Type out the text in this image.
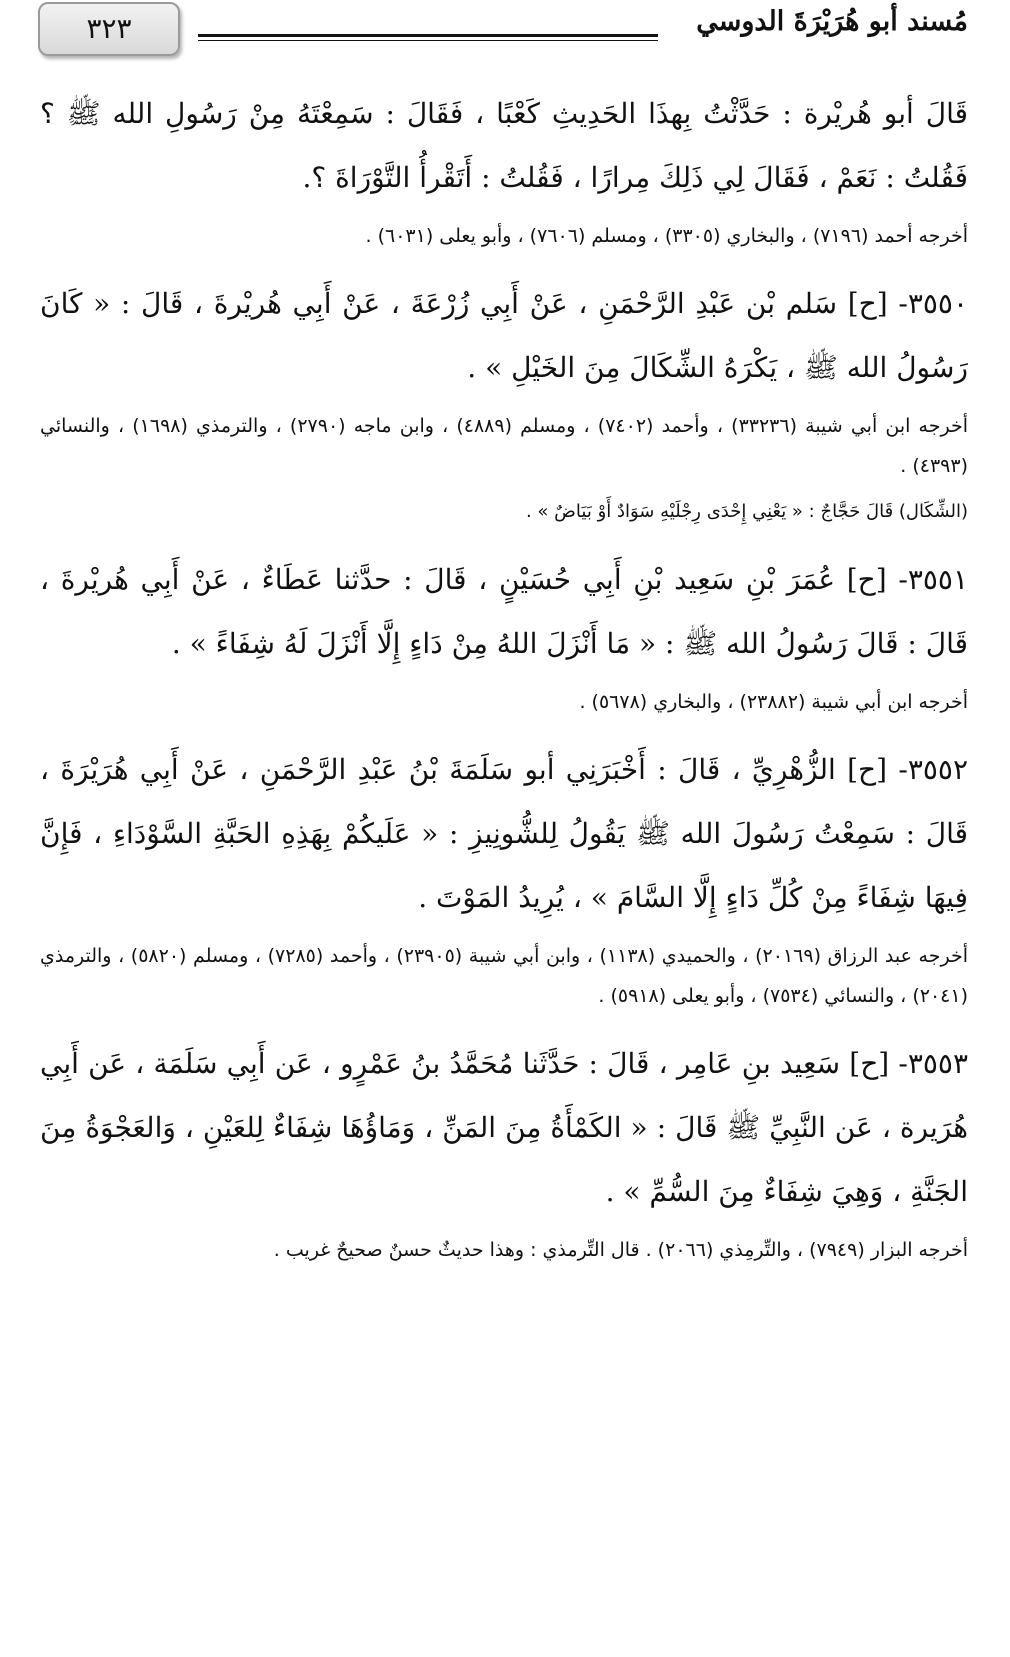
٣٢٣	مُسند أبو هُرَيْرَةَ الدوسي

قَالَ أبو هُريْرة : حَدَّثْتُ بِهذَا الحَدِيثِ كَعْبًا ، فَقَالَ : سَمِعْتَهُ مِنْ رَسُولِ الله ﷺ ؟ فَقُلتُ : نَعَمْ ، فَقَالَ لِي ذَلِكَ مِرارًا ، فَقُلتُ : أَتَقْرأُ التَّوْرَاةَ ؟.

أخرجه أحمد (٧١٩٦) ، والبخاري (٣٣٠٥) ، ومسلم (٧٦٠٦) ، وأبو يعلى (٦٠٣١) .

٣٥٥٠- [ح] سَلم بْن عَبْدِ الرَّحْمَنِ ، عَنْ أَبِي زُرْعَةَ ، عَنْ أَبِي هُريْرةَ ، قَالَ : « كَانَ رَسُولُ الله ﷺ ، يَكْرَهُ الشِّكَالَ مِنَ الخَيْلِ » .

أخرجه ابن أبي شيبة (٣٣٢٣٦) ، وأحمد (٧٤٠٢) ، ومسلم (٤٨٨٩) ، وابن ماجه (٢٧٩٠) ، والترمذي (١٦٩٨) ، والنسائي (٤٣٩٣) .

(الشِّكَال) قَالَ حَجَّاجٌ : « يَعْنِي إِحْدَى رِجْلَيْهِ سَوَادٌ أَوْ بَيَاضٌ » .

٣٥٥١- [ح] عُمَرَ بْنِ سَعِيد بْنِ أَبِي حُسَيْنٍ ، قَالَ : حدَّثنا عَطَاءٌ ، عَنْ أَبِي هُريْرةَ ، قَالَ : قَالَ رَسُولُ الله ﷺ : « مَا أَنْزَلَ اللهُ مِنْ دَاءٍ إِلَّا أَنْزَلَ لَهُ شِفَاءً » .

أخرجه ابن أبي شيبة (٢٣٨٨٢) ، والبخاري (٥٦٧٨) .

٣٥٥٢- [ح] الزُّهْرِيِّ ، قَالَ : أَخْبَرَنِي أبو سَلَمَةَ بْنُ عَبْدِ الرَّحْمَنِ ، عَنْ أَبِي هُرَيْرَةَ ، قَالَ : سَمِعْتُ رَسُولَ الله ﷺ يَقُولُ لِلشُّونِيزِ : « عَلَيكُمْ بِهَذِهِ الحَبَّةِ السَّوْدَاءِ ، فَإِنَّ فِيهَا شِفَاءً مِنْ كُلِّ دَاءٍ إِلَّا السَّامَ » ، يُرِيدُ المَوْتَ .

أخرجه عبد الرزاق (٢٠١٦٩) ، والحميدي (١١٣٨) ، وابن أبي شيبة (٢٣٩٠٥) ، وأحمد (٧٢٨٥) ، ومسلم (٥٨٢٠) ، والترمذي (٢٠٤١) ، والنسائي (٧٥٣٤) ، وأبو يعلى (٥٩١٨) .

٣٥٥٣- [ح] سَعِيد بنِ عَامِر ، قَالَ : حَدَّثَنا مُحَمَّدُ بنُ عَمْرٍو ، عَن أَبِي سَلَمَة ، عَن أَبِي هُرَيرة ، عَن النَّبِيِّ ﷺ قَالَ : « الكَمْأَةُ مِنَ المَنِّ ، وَمَاؤُهَا شِفَاءٌ لِلعَيْنِ ، وَالعَجْوَةُ مِنَ الجَنَّةِ ، وَهِيَ شِفَاءٌ مِنَ السُّمِّ » .

أخرجه البزار (٧٩٤٩) ، والتِّرمِذي (٢٠٦٦) . قال التِّرمذي : وهذا حديثٌ حسنٌ صحيحٌ غريب .
